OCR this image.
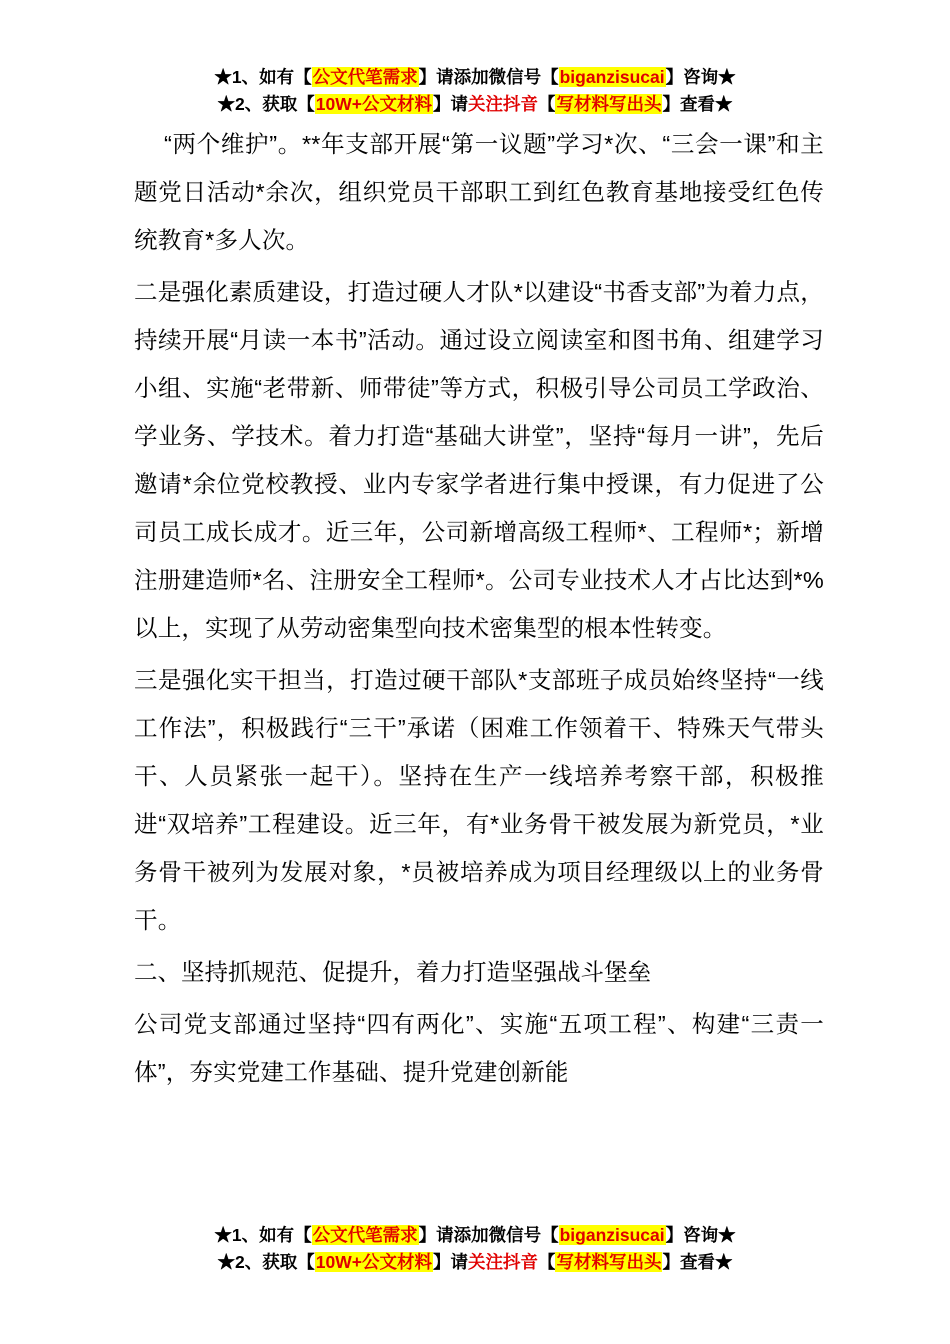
★1、如有【公文代笔需求】请添加微信号【biganzisucai】咨询★
★2、获取【10W+公文材料】请关注抖音【写材料写出头】查看★

“两个维护”。**年支部开展“第一议题”学习*次、“三会一课”和主题党日活动*余次，组织党员干部职工到红色教育基地接受红色传统教育*多人次。

二是强化素质建设，打造过硬人才队*以建设“书香支部”为着力点，持续开展“月读一本书”活动。通过设立阅读室和图书角、组建学习小组、实施“老带新、师带徒”等方式，积极引导公司员工学政治、学业务、学技术。着力打造“基础大讲堂”，坚持“每月一讲”，先后邀请*余位党校教授、业内专家学者进行集中授课，有力促进了公司员工成长成才。近三年，公司新增高级工程师*、工程师*；新增注册建造师*名、注册安全工程师*。公司专业技术人才占比达到*%以上，实现了从劳动密集型向技术密集型的根本性转变。

三是强化实干担当，打造过硬干部队*支部班子成员始终坚持“一线工作法”，积极践行“三干”承诺（困难工作领着干、特殊天气带头干、人员紧张一起干）。坚持在生产一线培养考察干部，积极推进“双培养”工程建设。近三年，有*业务骨干被发展为新党员，*业务骨干被列为发展对象，*员被培养成为项目经理级以上的业务骨干。

二、坚持抓规范、促提升，着力打造坚强战斗堡垒

公司党支部通过坚持“四有两化”、实施“五项工程”、构建“三责一体”，夯实党建工作基础、提升党建创新能

★1、如有【公文代笔需求】请添加微信号【biganzisucai】咨询★
★2、获取【10W+公文材料】请关注抖音【写材料写出头】查看★
